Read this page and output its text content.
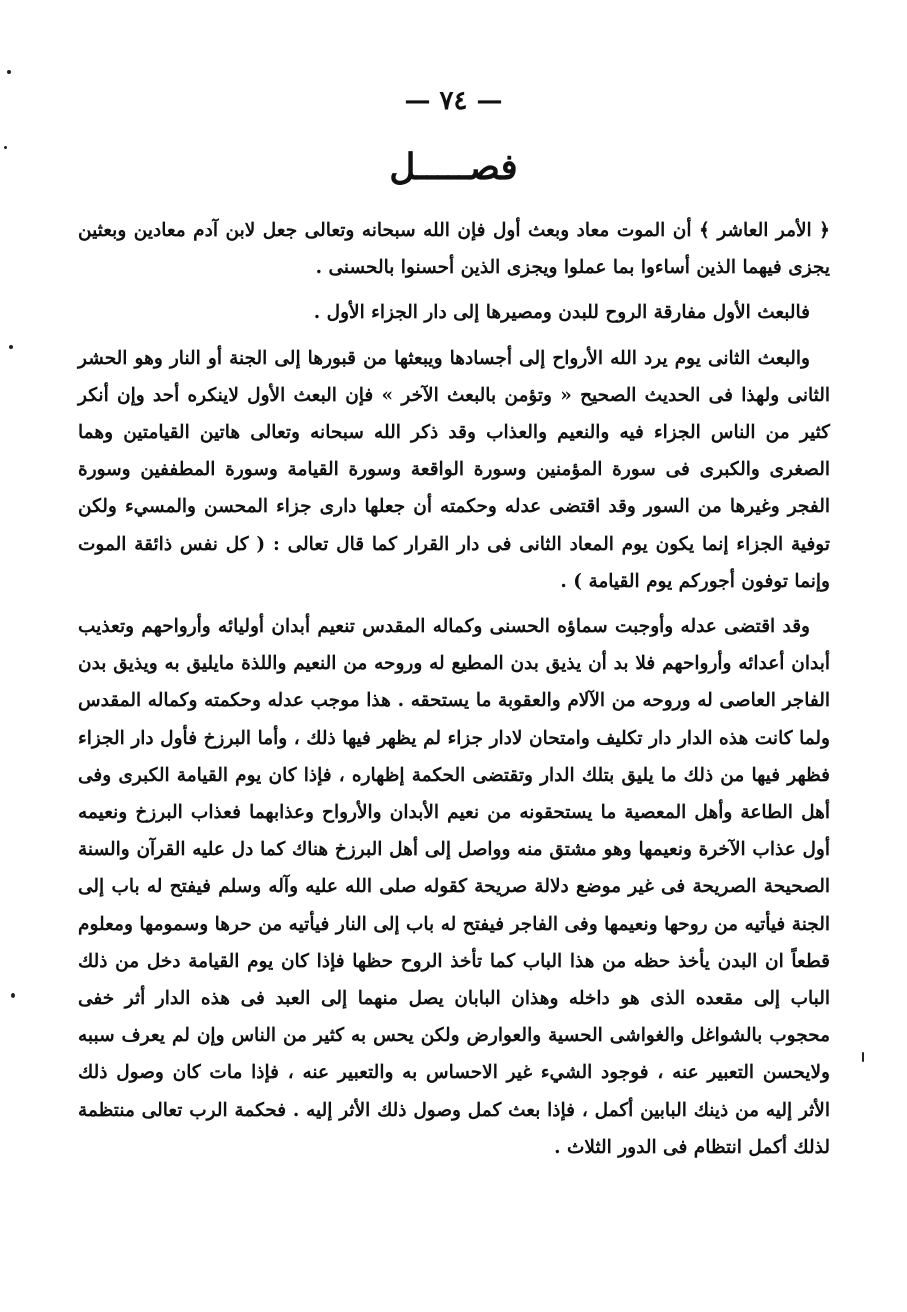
— ٧٤ —
فصـــــل

﴿ الأمر العاشر ﴾ أن الموت معاد وبعث أول فإن الله سبحانه وتعالى جعل لابن آدم معادين وبعثين يجزى فيهما الذين أساءوا بما عملوا ويجزى الذين أحسنوا بالحسنى .

فالبعث الأول مفارقة الروح للبدن ومصيرها إلى دار الجزاء الأول .

والبعث الثانى يوم يرد الله الأرواح إلى أجسادها ويبعثها من قبورها إلى الجنة أو النار وهو الحشر الثانى ولهذا فى الحديث الصحيح « وتؤمن بالبعث الآخر » فإن البعث الأول لاينكره أحد وإن أنكر كثير من الناس الجزاء فيه والنعيم والعذاب وقد ذكر الله سبحانه وتعالى هاتين القيامتين وهما الصغرى والكبرى فى سورة المؤمنين وسورة الواقعة وسورة القيامة وسورة المطففين وسورة الفجر وغيرها من السور وقد اقتضى عدله وحكمته أن جعلها دارى جزاء المحسن والمسيء ولكن توفية الجزاء إنما يكون يوم المعاد الثانى فى دار القرار كما قال تعالى : ( كل نفس ذائقة الموت وإنما توفون أجوركم يوم القيامة ) .

وقد اقتضى عدله وأوجبت سماؤه الحسنى وكماله المقدس تنعيم أبدان أوليائه وأرواحهم وتعذيب أبدان أعدائه وأرواحهم فلا بد أن يذيق بدن المطيع له وروحه من النعيم واللذة مايليق به ويذيق بدن الفاجر العاصى له وروحه من الآلام والعقوبة ما يستحقه . هذا موجب عدله وحكمته وكماله المقدس ولما كانت هذه الدار دار تكليف وامتحان لادار جزاء لم يظهر فيها ذلك ، وأما البرزخ فأول دار الجزاء فظهر فيها من ذلك ما يليق بتلك الدار وتقتضى الحكمة إظهاره ، فإذا كان يوم القيامة الكبرى وفى أهل الطاعة وأهل المعصية ما يستحقونه من نعيم الأبدان والأرواح وعذابهما فعذاب البرزخ ونعيمه أول عذاب الآخرة ونعيمها وهو مشتق منه وواصل إلى أهل البرزخ هناك كما دل عليه القرآن والسنة الصحيحة الصريحة فى غير موضع دلالة صريحة كقوله صلى الله عليه وآله وسلم فيفتح له باب إلى الجنة فيأتيه من روحها ونعيمها وفى الفاجر فيفتح له باب إلى النار فيأتيه من حرها وسمومها ومعلوم قطعاً ان البدن يأخذ حظه من هذا الباب كما تأخذ الروح حظها فإذا كان يوم القيامة دخل من ذلك الباب إلى مقعده الذى هو داخله وهذان البابان يصل منهما إلى العبد فى هذه الدار أثر خفى محجوب بالشواغل والغواشى الحسية والعوارض ولكن يحس به كثير من الناس وإن لم يعرف سببه ولايحسن التعبير عنه ، فوجود الشيء غير الاحساس به والتعبير عنه ، فإذا مات كان وصول ذلك الأثر إليه من ذينك البابين أكمل ، فإذا بعث كمل وصول ذلك الأثر إليه . فحكمة الرب تعالى منتظمة لذلك أكمل انتظام فى الدور الثلاث .
